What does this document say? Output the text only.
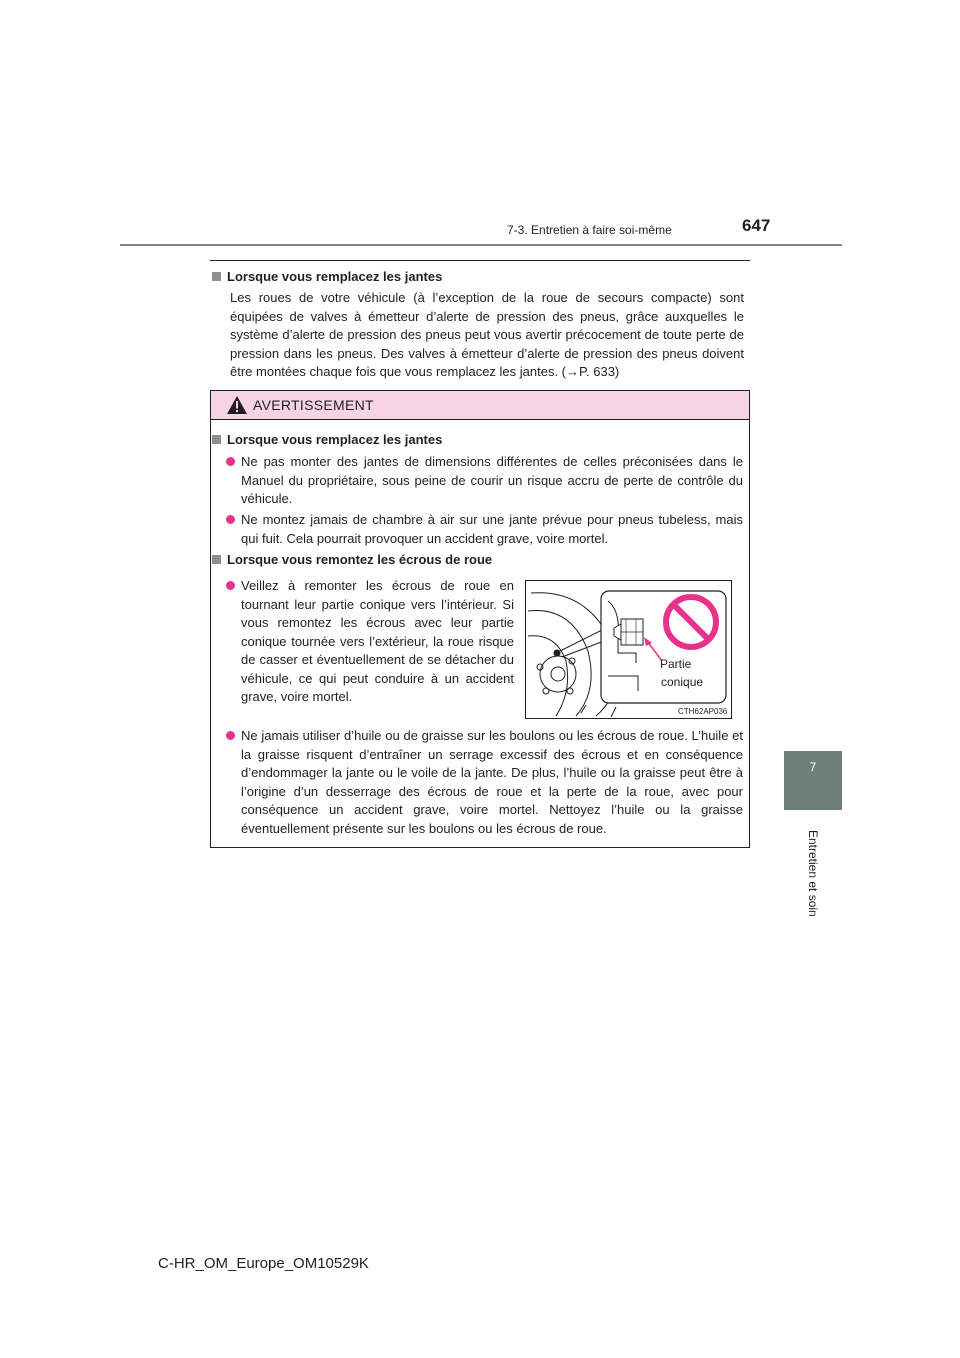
7-3. Entretien à faire soi-même	647
7
Entretien et soin
Lorsque vous remplacez les jantes
Les roues de votre véhicule (à l’exception de la roue de secours compacte) sont équipées de valves à émetteur d’alerte de pression des pneus, grâce auxquelles le système d’alerte de pression des pneus peut vous avertir précocement de toute perte de pression dans les pneus. Des valves à émetteur d’alerte de pression des pneus doivent être montées chaque fois que vous remplacez les jantes. (→P. 633)
AVERTISSEMENT
Lorsque vous remplacez les jantes
Ne pas monter des jantes de dimensions différentes de celles préconisées dans le Manuel du propriétaire, sous peine de courir un risque accru de perte de contrôle du véhicule.
Ne montez jamais de chambre à air sur une jante prévue pour pneus tubeless, mais qui fuit. Cela pourrait provoquer un accident grave, voire mortel.
Lorsque vous remontez les écrous de roue
Veillez à remonter les écrous de roue en tournant leur partie conique vers l’intérieur. Si vous remontez les écrous avec leur partie conique tournée vers l’extérieur, la roue risque de casser et éventuellement de se détacher du véhicule, ce qui peut conduire à un accident grave, voire mortel.
Partie
conique
CTH62AP036
Ne jamais utiliser d’huile ou de graisse sur les boulons ou les écrous de roue. L’huile et la graisse risquent d’entraîner un serrage excessif des écrous et en conséquence d’endommager la jante ou le voile de la jante. De plus, l’huile ou la graisse peut être à l’origine d’un desserrage des écrous de roue et la perte de la roue, avec pour conséquence un accident grave, voire mortel. Nettoyez l’huile ou la graisse éventuellement présente sur les boulons ou les écrous de roue.
C-HR_OM_Europe_OM10529K
